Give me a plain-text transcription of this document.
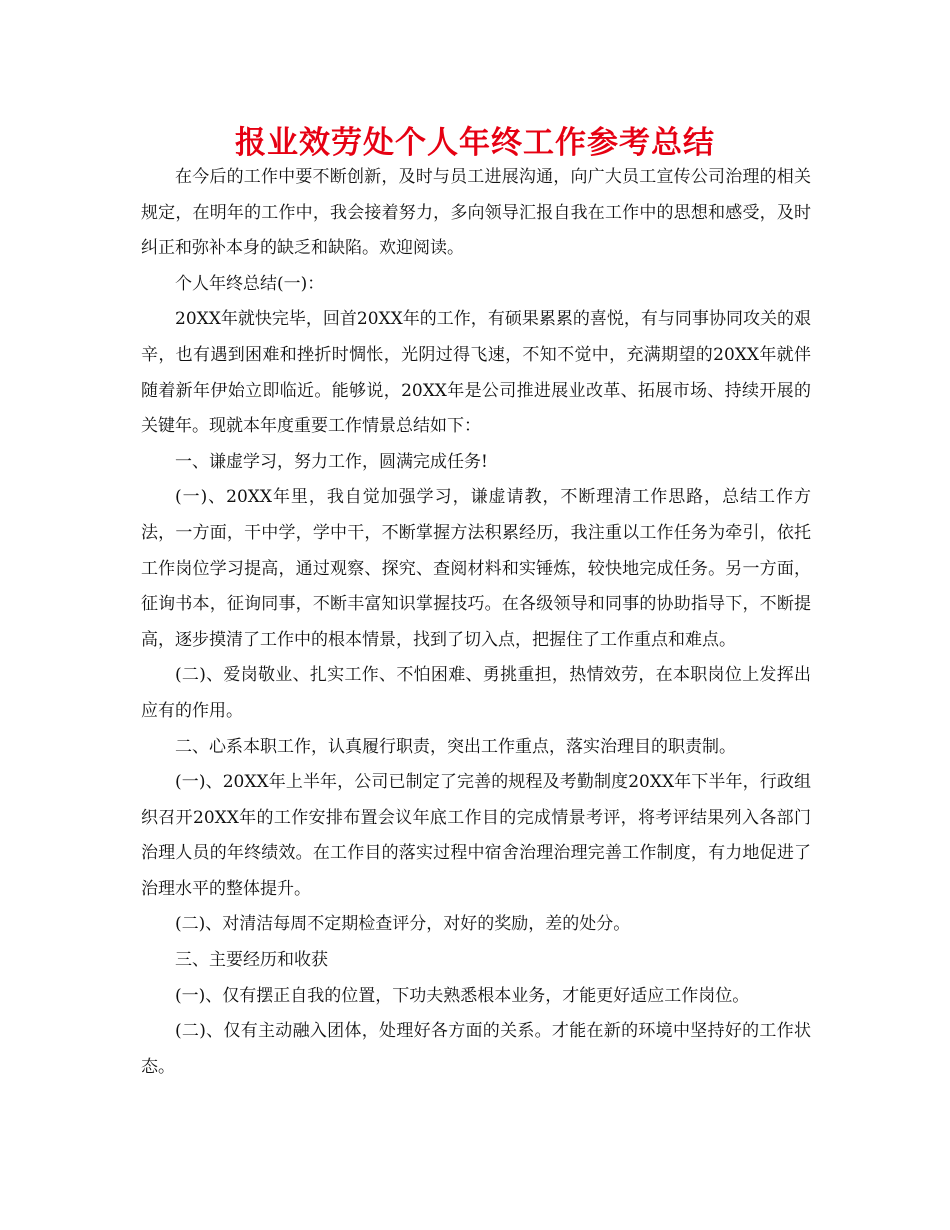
报业效劳处个人年终工作参考总结

在今后的工作中要不断创新，及时与员工进展沟通，向广大员工宣传公司治理的相关规定，在明年的工作中，我会接着努力，多向领导汇报自我在工作中的思想和感受，及时纠正和弥补本身的缺乏和缺陷。欢迎阅读。

个人年终总结(一)：

20XX年就快完毕，回首20XX年的工作，有硕果累累的喜悦，有与同事协同攻关的艰辛，也有遇到困难和挫折时惆怅，光阴过得飞速，不知不觉中，充满期望的20XX年就伴随着新年伊始立即临近。能够说，20XX年是公司推进展业改革、拓展市场、持续开展的关键年。现就本年度重要工作情景总结如下：

一、谦虚学习，努力工作，圆满完成任务!

(一)、20XX年里，我自觉加强学习，谦虚请教，不断理清工作思路，总结工作方法，一方面，干中学，学中干，不断掌握方法积累经历，我注重以工作任务为牵引，依托工作岗位学习提高，通过观察、探究、查阅材料和实锤炼，较快地完成任务。另一方面，征询书本，征询同事，不断丰富知识掌握技巧。在各级领导和同事的协助指导下，不断提高，逐步摸清了工作中的根本情景，找到了切入点，把握住了工作重点和难点。

(二)、爱岗敬业、扎实工作、不怕困难、勇挑重担，热情效劳，在本职岗位上发挥出应有的作用。

二、心系本职工作，认真履行职责，突出工作重点，落实治理目的职责制。

(一)、20XX年上半年，公司已制定了完善的规程及考勤制度20XX年下半年，行政组织召开20XX年的工作安排布置会议年底工作目的完成情景考评，将考评结果列入各部门治理人员的年终绩效。在工作目的落实过程中宿舍治理治理完善工作制度，有力地促进了治理水平的整体提升。

(二)、对清洁每周不定期检查评分，对好的奖励，差的处分。

三、主要经历和收获

(一)、仅有摆正自我的位置，下功夫熟悉根本业务，才能更好适应工作岗位。

(二)、仅有主动融入团体，处理好各方面的关系。才能在新的环境中坚持好的工作状态。
